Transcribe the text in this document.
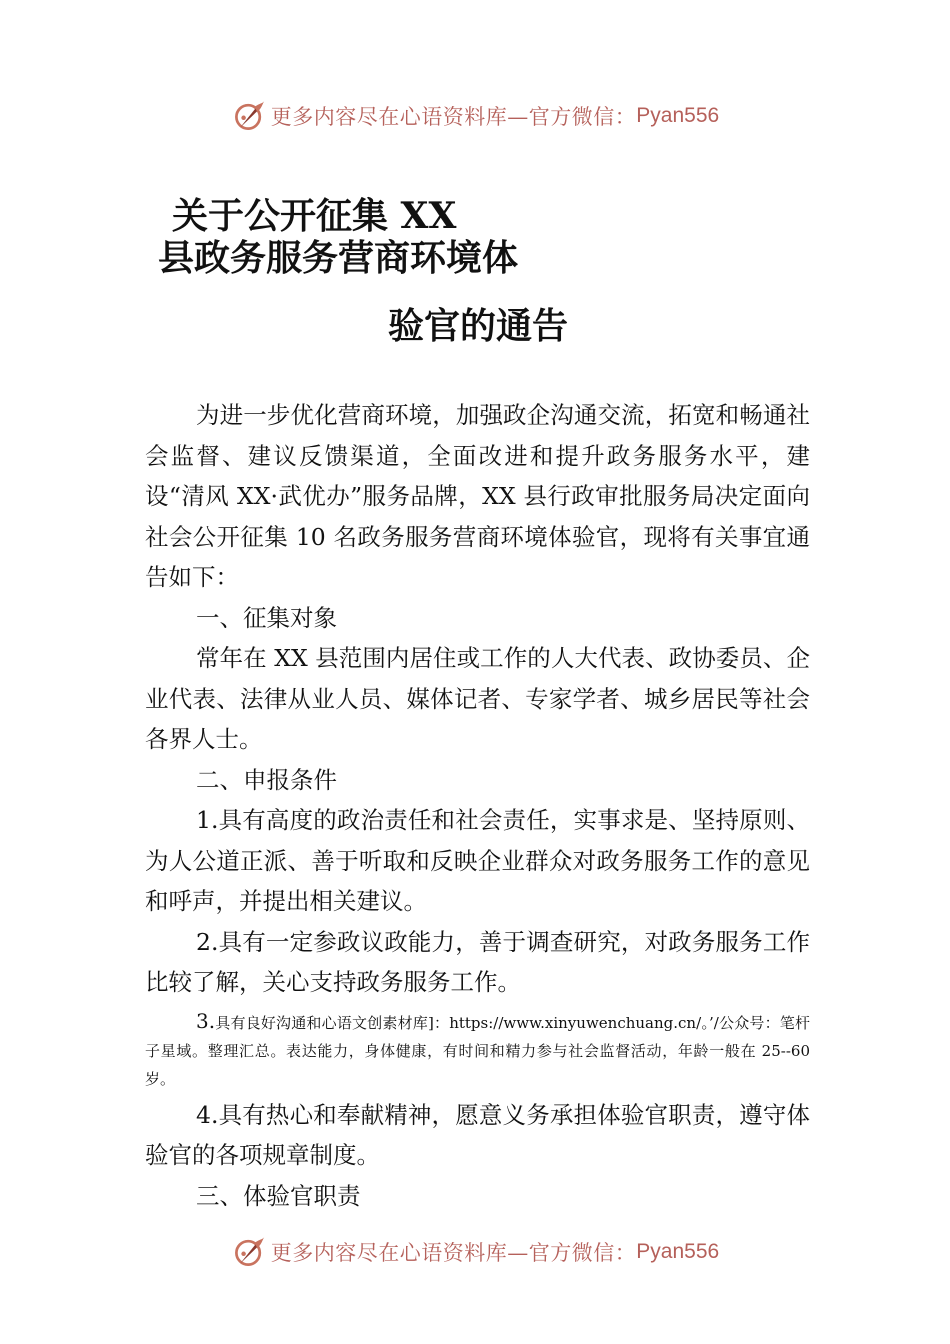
更多内容尽在心语资料库—官方微信： Pyan556
关于公开征集 XX
县政务服务营商环境体
验官的通告

为进一步优化营商环境，加强政企沟通交流，拓宽和畅通社会监督、建议反馈渠道，全面改进和提升政务服务水平，建设“清风 XX·武优办”服务品牌，XX 县行政审批服务局决定面向社会公开征集 10 名政务服务营商环境体验官，现将有关事宜通告如下：

一、征集对象

常年在 XX 县范围内居住或工作的人大代表、政协委员、企业代表、法律从业人员、媒体记者、专家学者、城乡居民等社会各界人士。

二、申报条件

1.具有高度的政治责任和社会责任，实事求是、坚持原则、为人公道正派、善于听取和反映企业群众对政务服务工作的意见和呼声，并提出相关建议。

2.具有一定参政议政能力，善于调查研究，对政务服务工作比较了解，关心支持政务服务工作。

3.具有良好沟通和心语文创素材库]：https://www.xinyuwenchuang.cn/。’/公众号：笔杆子星域。整理汇总。表达能力，身体健康，有时间和精力参与社会监督活动，年龄一般在 25--60 岁。

4.具有热心和奉献精神，愿意义务承担体验官职责，遵守体验官的各项规章制度。

三、体验官职责

更多内容尽在心语资料库—官方微信： Pyan556
